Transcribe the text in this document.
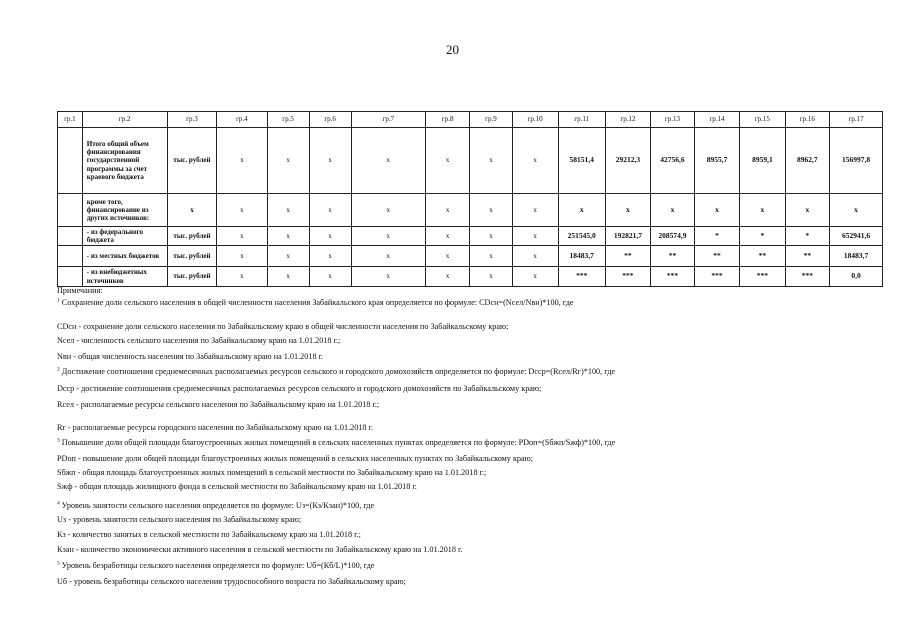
20
гр.1	гр.2	гр.3	гр.4	гр.5	гр.6	гр.7	гр.8	гр.9	гр.10	гр.11	гр.12	гр.13	гр.14	гр.15	гр.16	гр.17
	Итого общий объем финансирования государственной программы за счет краевого бюджета	тыс. рублей	x	x	x	x	x	x	x	58151,4	29212,3	42756,6	8955,7	8959,1	8962,7	156997,8
	кроме того, финансирование из других источников:	x	x	x	x	x	x	x	x	x	x	x	x	x	x	x
	- из федерального бюджета	тыс. рублей	x	x	x	x	x	x	x	251545,0	192821,7	208574,9	*	*	*	652941,6
	- из местных бюджетов	тыс. рублей	x	x	x	x	x	x	x	18483,7	**	**	**	**	**	18483,7
	- из внебюджетных источников	тыс. рублей	x	x	x	x	x	x	x	***	***	***	***	***	***	0,0

Примечания:

$^1$ Сохранение доли сельского населения в общей численности населения Забайкальского края определяется по формуле: CDсн=(Nсел/Nвн)*100, где

CDсн - сохранение доли сельского населения по Забайкальскому краю в общей численности населения по Забайкальскому краю;

Nсел - численность сельского населения по Забайкальскому краю на 1.01.2018 г.;

Nвн - общая численность населения по Забайкальскому краю на 1.01.2018 г.

$^2$ Достижение соотношения среднемесячных располагаемых ресурсов сельского и городского домохозяйств определяется по формуле: Dсср=(Rсел/Rг)*100, где

Dсср - достижение соотношения среднемесячных располагаемых ресурсов сельского и городского домохозяйств по Забайкальскому краю;

Rсел - располагаемые ресурсы сельского населения по Забайкальскому краю на 1.01.2018 г.;

Rг - располагаемые ресурсы городского населения по Забайкальскому краю на 1.01.2018 г.

$^3$ Повышение доли общей площади благоустроенных жилых помещений в сельских населенных пунктах определяется по формуле: PDоп=(Sбжп/Sжф)*100, где

PDоп - повышение доли общей площади благоустроенных жилых помещений в сельских населенных пунктах по Забайкальскому краю;

Sбжп - общая площадь благоустроенных жилых помещений в сельской местности по Забайкальскому краю на 1.01.2018 г.;

Sжф - общая площадь жилищного фонда в сельской местности по Забайкальскому краю на 1.01.2018 г.

$^4$ Уровень занятости сельского населения определяется по формуле: Uз=(Кз/Кэан)*100, где

Uз - уровень занятости сельского населения по Забайкальскому краю;

Кз - количество занятых в сельской местности по Забайкальскому краю на 1.01.2018 г.;

Кэан - количество экономически активного населения в сельской местности по Забайкальскому краю на 1.01.2018 г.

$^5$ Уровень безработицы сельского населения определяется по формуле: Uб=(Кб/L)*100, где

Uб - уровень безработицы сельского населения трудоспособного возраста по Забайкальскому краю;
